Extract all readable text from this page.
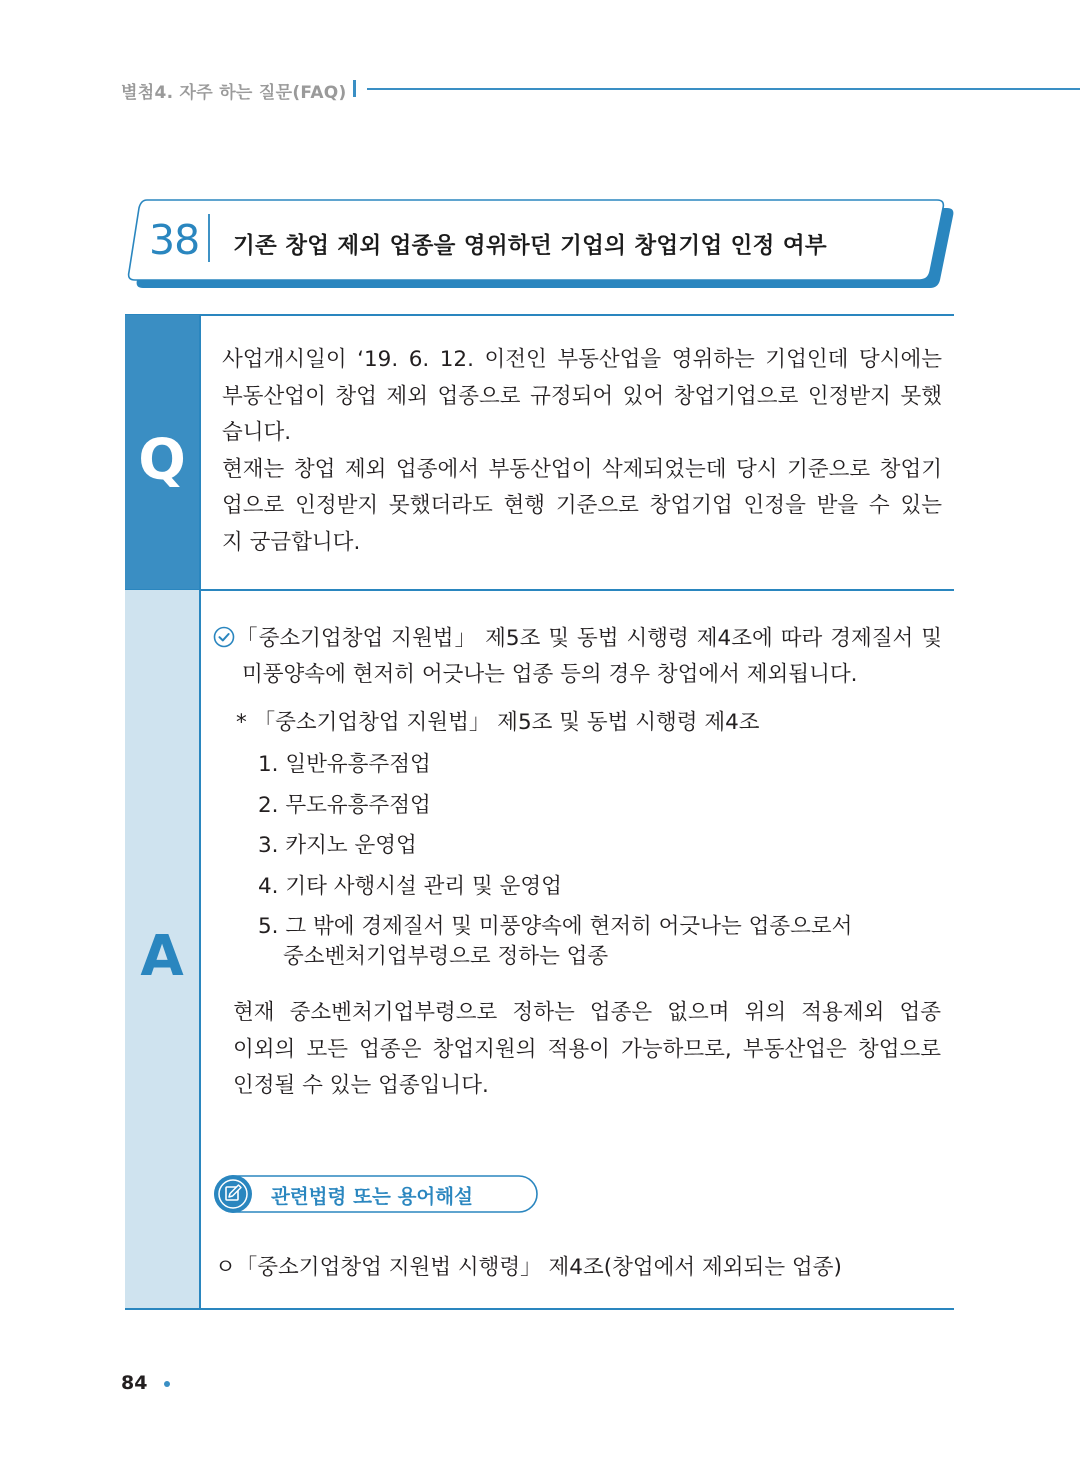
별첨4. 자주 하는 질문(FAQ)
38 기존 창업 제외 업종을 영위하던 기업의 창업기업 인정 여부
Q

사업개시일이 ‘19. 6. 12. 이전인 부동산업을 영위하는 기업인데 당시에는

부동산업이 창업 제외 업종으로 규정되어 있어 창업기업으로 인정받지 못했

습니다.

현재는 창업 제외 업종에서 부동산업이 삭제되었는데 당시 기준으로 창업기

업으로 인정받지 못했더라도 현행 기준으로 창업기업 인정을 받을 수 있는

지 궁금합니다.

A
「중소기업창업 지원법」 제5조 및 동법 시행령 제4조에 따라 경제질서 및
미풍양속에 현저히 어긋나는 업종 등의 경우 창업에서 제외됩니다.
* 「중소기업창업 지원법」 제5조 및 동법 시행령 제4조
1. 일반유흥주점업
2. 무도유흥주점업
3. 카지노 운영업
4. 기타 사행시설 관리 및 운영업
5. 그 밖에 경제질서 및 미풍양속에 현저히 어긋나는 업종으로서
중소벤처기업부령으로 정하는 업종
현재 중소벤처기업부령으로 정하는 업종은 없으며 위의 적용제외 업종
이외의 모든 업종은 창업지원의 적용이 가능하므로, 부동산업은 창업으로
인정될 수 있는 업종입니다.
관련법령 또는 용어해설
ㅇ「중소기업창업 지원법 시행령」 제4조(창업에서 제외되는 업종)
84
